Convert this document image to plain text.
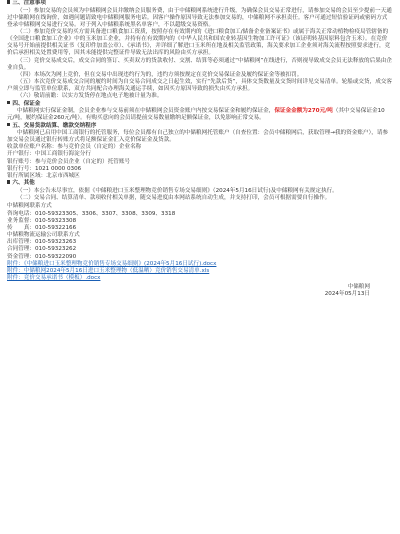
三、注意事项
（一）参加交易的会员须为中储粮网会员并缴纳会员服务费，由于中储粮网系统进行升级，为确保会员交易正常进行，请参加交易的会员至少提前一天通过中储粮网在线询价，如遇问题请致电中储粮网服务电话。因客户操作原因导致无法参加交易的，中储粮网不承担责任。客户可通过短信验证码或密码方式登录中储粮网交易进行交易。对于列入中储粮系统黑名单客户，不以超级交易资格。
（二）参加竞价交易的买方需具备进口粮食加工资质，按照存在有效期内的《进口粮食加工/储备企业备案证书》或属于海关正常动植物检疫局管辖备的《全国进口粮食加工企业》中的玉米加工企业，并持有在有效期内的《中华人民共和国农业转基因生物加工许可证》（该证明转基因原料包含玉米）。在竞价交易号开始前提供相关证书（复印件加盖公章）、《承诺书》，并详细了解进口玉米所在地及相关监管政策，海关要求加工企业须对海关流程按照要求进行，竞价后承担相关处置费用等，因其未能提供完整证件导致无法出库的风险由买方承担。
（三）竞价交易成交后，成交合同的签订、买卖双方的货款收付、交割、结算等必须通过“中储粮网”在线进行，否则视导致成交会员无法释放的后果由企业自负。
（四）本场次为网上竞价，但在交易中出现违约行为的，违约方须按规定在竞价交易保证金及履约保证金等被扣罚。
（五）本次竞价交易成交合同的履约时间为自交易合同成交之日起生效，实行“先款后货”，具体交货数量及交货时间详见交易清单。轮船或交货，成交客户须立即与监管单位联系，双方共同配合办理海关通运手续，如因买方原因导致的损失由买方承担。
（六）敬请前瞻：以实方发货停在地点电子地被计量为准。
四、保证金
中储粮网实行保证金制，会员企业参与交易前须在中储粮网会员资金账户内按交易保证金和履约保证金，保证金金额为270元/吨（其中交易保证金10元/吨，履约保证金260元/吨）。有购买意向的会员请提前交易数量缴纳足额保证金，以免影响正常交易。
五、交易货款结算、缴款交纳程序
中储粮网已启用中国工商银行的托管服务，每位会员都有自己独立的中储粮网托管账户（自查位置：会员中储粮网后，获取管理→我的资金账户），请参加交易会员通过银行转账方式将足额保证金汇入竞价保证金及货款。
收款单位账户名称：参与竞价会员（自定的）企业名称
开户银行：中国工商银行海淀分行
银行账号：参与竞价会员企业（自定的）托管账号
银行行号：1021 0000 0306
银行所属区域：北京市西城区
六、其他
（一）本公告未尽事宜，依据《中储粮进口玉米整理物竞价销售专场交易细则》（2024年5月16日试行)及中储粮网有关规定执行。
（二）交易合同、结算清单、款项收付相关单据，随交易进度由本网站系统自动生成，并支持打印，会员可根据需要自行操作。
中储粮网联系方式
咨询电话：010-59323305、3306、3307、3308、3309、3318
业务监督：010-59323308
传　　真：010-59322166
中储粮物流运输公司联系方式
出库管理：010-59323263
合同管理：010-59323262
资金管理：010-59322090
附件：《中储粮进口玉米整理物竞价销售专场交易细则》(2024年5月16日试行).docx
附件：中储粮网2024年5月16日进口玉米整理物（低温晒）竞价销售交易清单.xls
附件：竞价交易承诺书（模板）.docx
中储粮网
2024年05月13日
